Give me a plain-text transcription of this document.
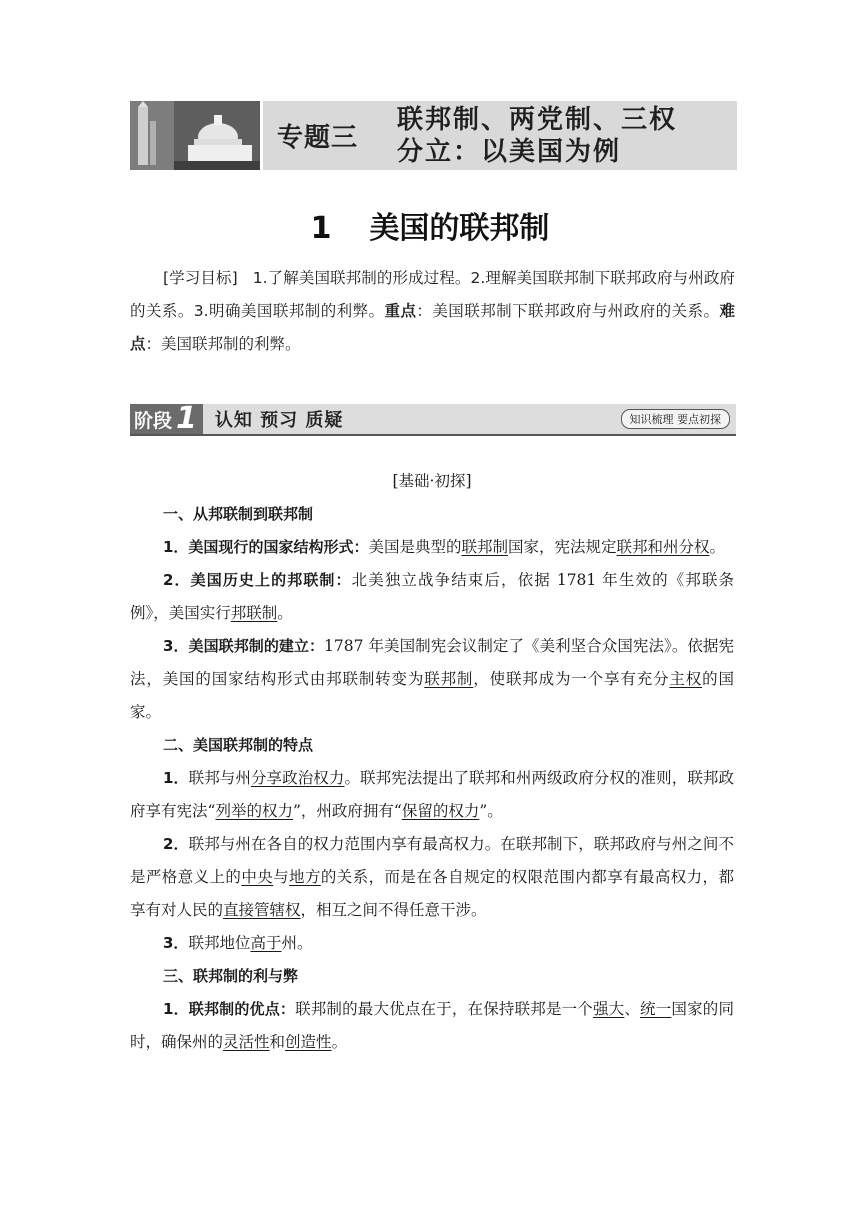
专题三
联邦制、两党制、三权
分立：以美国为例
1 美国的联邦制
[学习目标] 1.了解美国联邦制的形成过程。2.理解美国联邦制下联邦政府与州政府的关系。3.明确美国联邦制的利弊。重点：美国联邦制下联邦政府与州政府的关系。难点：美国联邦制的利弊。
阶段 1 认知 预习 质疑	知识梳理 要点初探
[基础·初探]
一、从邦联制到联邦制

1．美国现行的国家结构形式：美国是典型的联邦制国家，宪法规定联邦和州分权。

2．美国历史上的邦联制：北美独立战争结束后，依据 1781 年生效的《邦联条例》，美国实行邦联制。

3．美国联邦制的建立：1787 年美国制宪会议制定了《美利坚合众国宪法》。依据宪法，美国的国家结构形式由邦联制转变为联邦制，使联邦成为一个享有充分主权的国家。

二、美国联邦制的特点

1．联邦与州分享政治权力。联邦宪法提出了联邦和州两级政府分权的准则，联邦政府享有宪法“列举的权力”，州政府拥有“保留的权力”。

2．联邦与州在各自的权力范围内享有最高权力。在联邦制下，联邦政府与州之间不是严格意义上的中央与地方的关系，而是在各自规定的权限范围内都享有最高权力，都享有对人民的直接管辖权，相互之间不得任意干涉。

3．联邦地位高于州。

三、联邦制的利与弊

1．联邦制的优点：联邦制的最大优点在于，在保持联邦是一个强大、统一国家的同时，确保州的灵活性和创造性。
